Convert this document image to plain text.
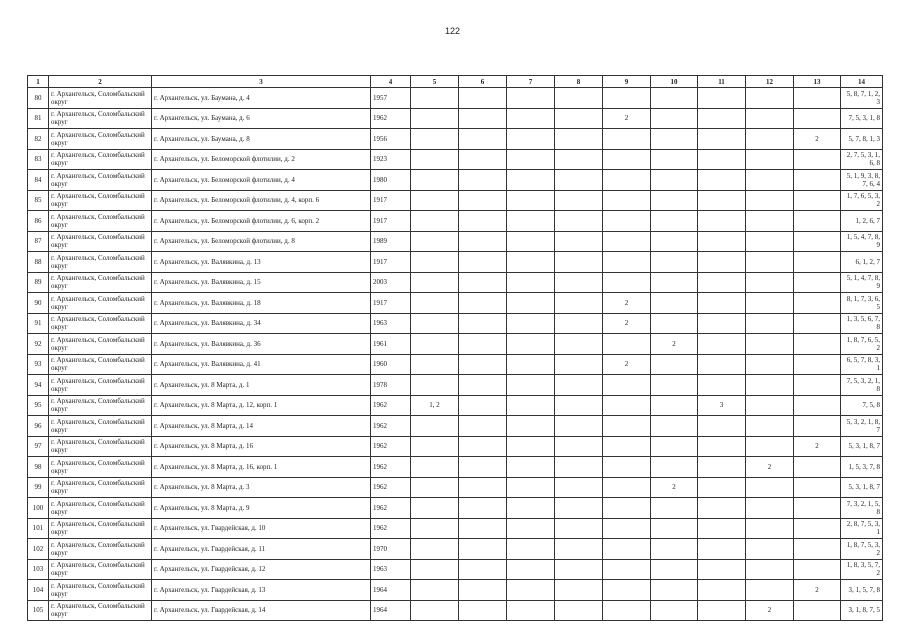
122
1	2	3	4	5	6	7	8	9	10	11	12	13	14
80	г. Архангельск, Соломбальский округ	г. Архангельск, ул. Баумана, д. 4	1957										5, 8, 7, 1, 2, 3
81	г. Архангельск, Соломбальский округ	г. Архангельск, ул. Баумана, д. 6	1962					2					7, 5, 3, 1, 8
82	г. Архангельск, Соломбальский округ	г. Архангельск, ул. Баумана, д. 8	1956									2	5, 7, 8, 1, 3
83	г. Архангельск, Соломбальский округ	г. Архангельск, ул. Беломорской флотилии, д. 2	1923										2, 7, 5, 3, 1, 6, 8
84	г. Архангельск, Соломбальский округ	г. Архангельск, ул. Беломорской флотилии, д. 4	1980										5, 1, 9, 3, 8, 7, 6, 4
85	г. Архангельск, Соломбальский округ	г. Архангельск, ул. Беломорской флотилии, д. 4, корп. 6	1917										1, 7, 6, 5, 3, 2
86	г. Архангельск, Соломбальский округ	г. Архангельск, ул. Беломорской флотилии, д. 6, корп. 2	1917										1, 2, 6, 7
87	г. Архангельск, Соломбальский округ	г. Архангельск, ул. Беломорской флотилии, д. 8	1989										1, 5, 4, 7, 8, 9
88	г. Архангельск, Соломбальский округ	г. Архангельск, ул. Валявкина, д. 13	1917										6, 1, 2, 7
89	г. Архангельск, Соломбальский округ	г. Архангельск, ул. Валявкина, д. 15	2003										5, 1, 4, 7, 8, 9
90	г. Архангельск, Соломбальский округ	г. Архангельск, ул. Валявкина, д. 18	1917					2					8, 1, 7, 3, 6, 5
91	г. Архангельск, Соломбальский округ	г. Архангельск, ул. Валявкина, д. 34	1963					2					1, 3, 5, 6, 7, 8
92	г. Архангельск, Соломбальский округ	г. Архангельск, ул. Валявкина, д. 36	1961						2				1, 8, 7, 6, 5, 2
93	г. Архангельск, Соломбальский округ	г. Архангельск, ул. Валявкина, д. 41	1960					2					6, 5, 7, 8, 3, 1
94	г. Архангельск, Соломбальский округ	г. Архангельск, ул. 8 Марта, д. 1	1978										7, 5, 3, 2, 1, 8
95	г. Архангельск, Соломбальский округ	г. Архангельск, ул. 8 Марта, д. 12, корп. 1	1962	1, 2						3			7, 5, 8
96	г. Архангельск, Соломбальский округ	г. Архангельск, ул. 8 Марта, д. 14	1962										5, 3, 2, 1, 8, 7
97	г. Архангельск, Соломбальский округ	г. Архангельск, ул. 8 Марта, д. 16	1962									2	5, 3, 1, 8, 7
98	г. Архангельск, Соломбальский округ	г. Архангельск, ул. 8 Марта, д. 16, корп. 1	1962								2		1, 5, 3, 7, 8
99	г. Архангельск, Соломбальский округ	г. Архангельск, ул. 8 Марта, д. 3	1962						2				5, 3, 1, 8, 7
100	г. Архангельск, Соломбальский округ	г. Архангельск, ул. 8 Марта, д. 9	1962										7, 3, 2, 1, 5, 8
101	г. Архангельск, Соломбальский округ	г. Архангельск, ул. Гвардейская, д. 10	1962										2, 8, 7, 5, 3, 1
102	г. Архангельск, Соломбальский округ	г. Архангельск, ул. Гвардейская, д. 11	1970										1, 8, 7, 5, 3, 2
103	г. Архангельск, Соломбальский округ	г. Архангельск, ул. Гвардейская, д. 12	1963										1, 8, 3, 5, 7, 2
104	г. Архангельск, Соломбальский округ	г. Архангельск, ул. Гвардейская, д. 13	1964									2	3, 1, 5, 7, 8
105	г. Архангельск, Соломбальский округ	г. Архангельск, ул. Гвардейская, д. 14	1964								2		3, 1, 8, 7, 5
